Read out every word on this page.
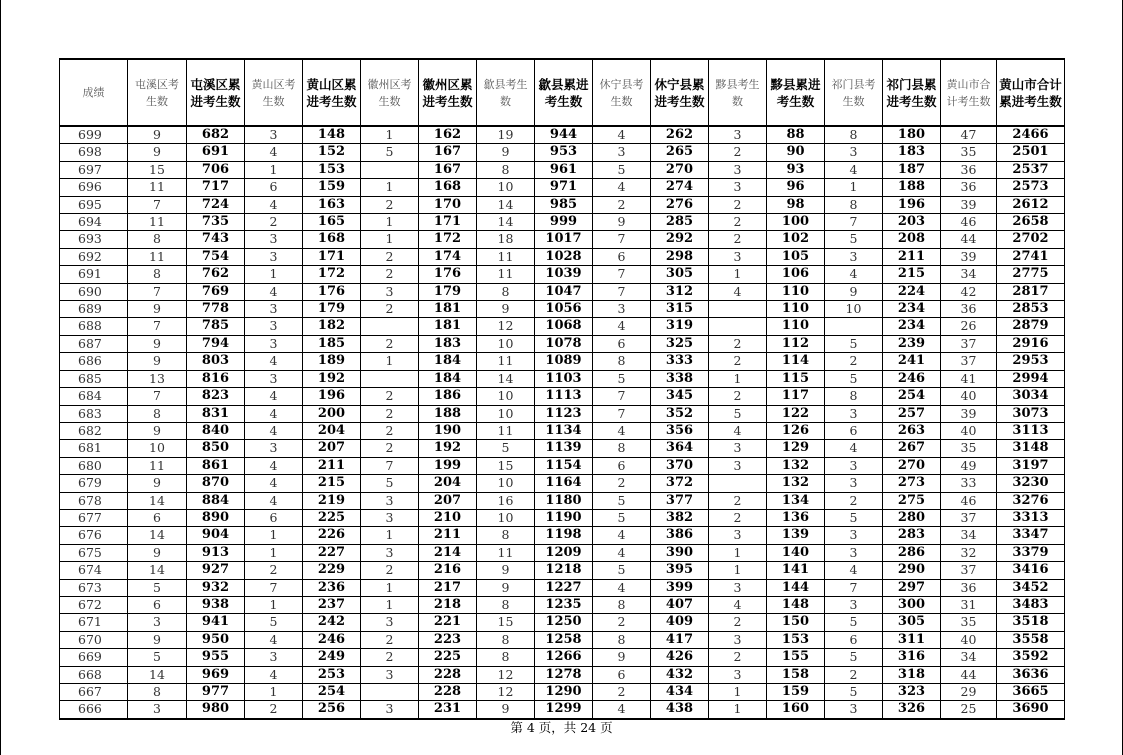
成绩	屯溪区考生数	屯溪区累进考生数	黄山区考生数	黄山区累进考生数	徽州区考生数	徽州区累进考生数	歙县考生数	歙县累进考生数	休宁县考生数	休宁县累进考生数	黟县考生数	黟县累进考生数	祁门县考生数	祁门县累进考生数	黄山市合计考生数	黄山市合计累进考生数
699	9	682	3	148	1	162	19	944	4	262	3	88	8	180	47	2466
698	9	691	4	152	5	167	9	953	3	265	2	90	3	183	35	2501
697	15	706	1	153		167	8	961	5	270	3	93	4	187	36	2537
696	11	717	6	159	1	168	10	971	4	274	3	96	1	188	36	2573
695	7	724	4	163	2	170	14	985	2	276	2	98	8	196	39	2612
694	11	735	2	165	1	171	14	999	9	285	2	100	7	203	46	2658
693	8	743	3	168	1	172	18	1017	7	292	2	102	5	208	44	2702
692	11	754	3	171	2	174	11	1028	6	298	3	105	3	211	39	2741
691	8	762	1	172	2	176	11	1039	7	305	1	106	4	215	34	2775
690	7	769	4	176	3	179	8	1047	7	312	4	110	9	224	42	2817
689	9	778	3	179	2	181	9	1056	3	315		110	10	234	36	2853
688	7	785	3	182		181	12	1068	4	319		110		234	26	2879
687	9	794	3	185	2	183	10	1078	6	325	2	112	5	239	37	2916
686	9	803	4	189	1	184	11	1089	8	333	2	114	2	241	37	2953
685	13	816	3	192		184	14	1103	5	338	1	115	5	246	41	2994
684	7	823	4	196	2	186	10	1113	7	345	2	117	8	254	40	3034
683	8	831	4	200	2	188	10	1123	7	352	5	122	3	257	39	3073
682	9	840	4	204	2	190	11	1134	4	356	4	126	6	263	40	3113
681	10	850	3	207	2	192	5	1139	8	364	3	129	4	267	35	3148
680	11	861	4	211	7	199	15	1154	6	370	3	132	3	270	49	3197
679	9	870	4	215	5	204	10	1164	2	372		132	3	273	33	3230
678	14	884	4	219	3	207	16	1180	5	377	2	134	2	275	46	3276
677	6	890	6	225	3	210	10	1190	5	382	2	136	5	280	37	3313
676	14	904	1	226	1	211	8	1198	4	386	3	139	3	283	34	3347
675	9	913	1	227	3	214	11	1209	4	390	1	140	3	286	32	3379
674	14	927	2	229	2	216	9	1218	5	395	1	141	4	290	37	3416
673	5	932	7	236	1	217	9	1227	4	399	3	144	7	297	36	3452
672	6	938	1	237	1	218	8	1235	8	407	4	148	3	300	31	3483
671	3	941	5	242	3	221	15	1250	2	409	2	150	5	305	35	3518
670	9	950	4	246	2	223	8	1258	8	417	3	153	6	311	40	3558
669	5	955	3	249	2	225	8	1266	9	426	2	155	5	316	34	3592
668	14	969	4	253	3	228	12	1278	6	432	3	158	2	318	44	3636
667	8	977	1	254		228	12	1290	2	434	1	159	5	323	29	3665
666	3	980	2	256	3	231	9	1299	4	438	1	160	3	326	25	3690
第 4 页，共 24 页
